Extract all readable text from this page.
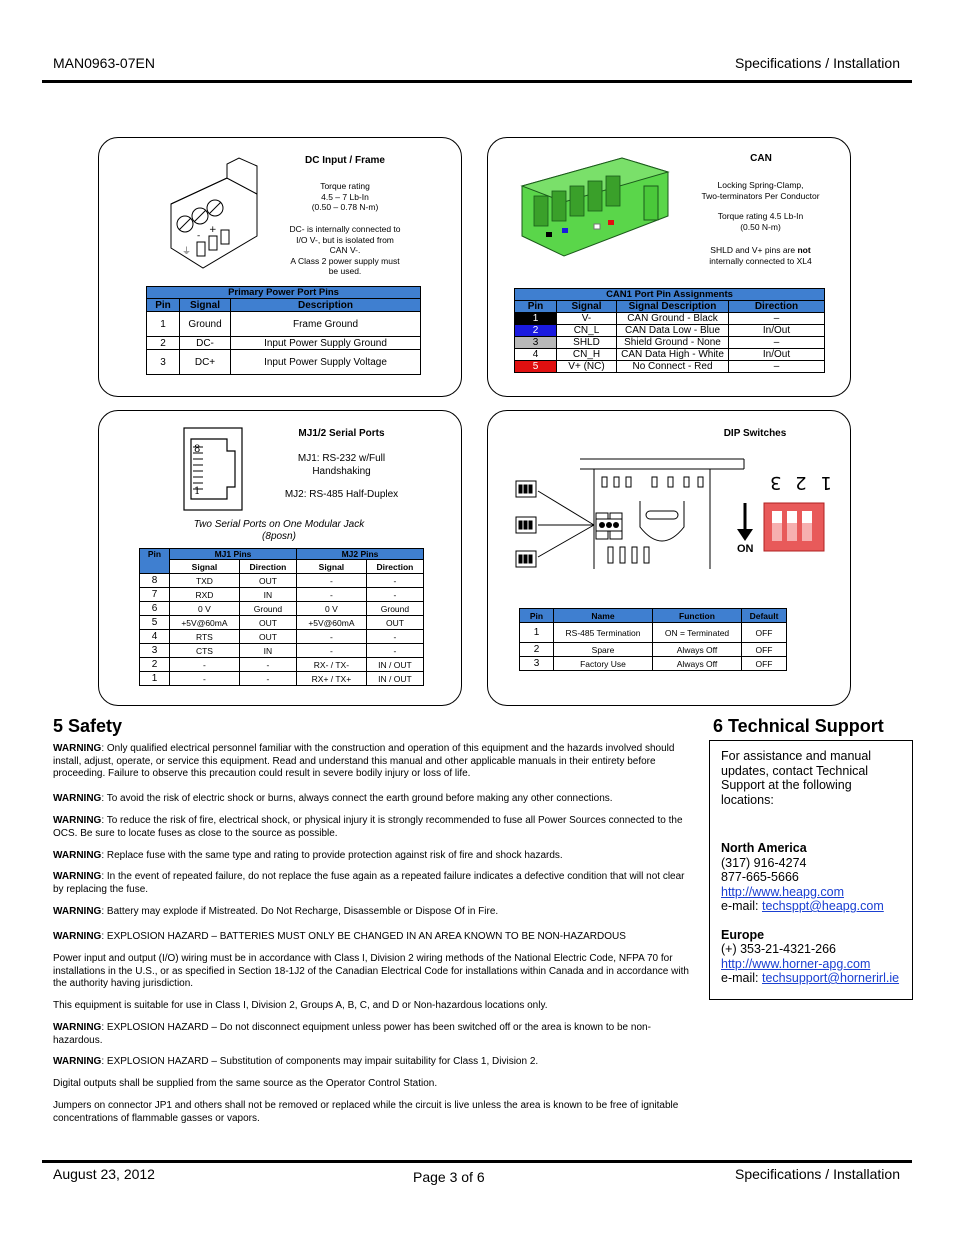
MAN0963-07EN	Specifications / Installation
⏚
-
+
DC Input / Frame
Torque rating
4.5 – 7 Lb-In
(0.50 – 0.78 N-m)
DC- is internally connected to
I/O V-, but is isolated from
CAN V-.
A Class 2 power supply must
be used.
Primary Power Port Pins		
Pin	Signal	Description
1	Ground	Frame Ground
2	DC-	Input Power Supply Ground
3	DC+	Input Power Supply Voltage
CAN
Locking Spring-Clamp,
Two-terminators Per Conductor
Torque rating 4.5 Lb-In
(0.50 N-m)
SHLD and V+ pins are not
internally connected to XL4
CAN1 Port Pin Assignments			
Pin	Signal	Signal Description	Direction
1	V-	CAN Ground - Black	–
2	CN_L	CAN Data Low - Blue	In/Out
3	SHLD	Shield Ground - None	–
4	CN_H	CAN Data High - White	In/Out
5	V+ (NC)	No Connect - Red	–
8
1
MJ1/2 Serial Ports
MJ1: RS-232 w/Full
Handshaking
MJ2: RS-485 Half-Duplex
Two Serial Ports on One Modular Jack
(8posn)
Pin	MJ1 Pins		MJ2 Pins	
	Signal	Direction	Signal	Direction
8	TXD	OUT	-	-
7	RXD	IN	-	-
6	0 V	Ground	0 V	Ground
5	+5V@60mA	OUT	+5V@60mA	OUT
4	RTS	OUT	-	-
3	CTS	IN	-	-
2	-	-	RX- / TX-	IN / OUT
1	-	-	RX+ / TX+	IN / OUT
DIP Switches
1 2 3
ON
Pin	Name	Function	Default
1	RS-485 Termination	ON = Terminated	OFF
2	Spare	Always Off	OFF
3	Factory Use	Always Off	OFF
5 Safety
WARNING: Only qualified electrical personnel familiar with the construction and operation of this equipment and the hazards involved should install, adjust, operate, or service this equipment. Read and understand this manual and other applicable manuals in their entirety before proceeding. Failure to observe this precaution could result in severe bodily injury or loss of life.
WARNING: To avoid the risk of electric shock or burns, always connect the earth ground before making any other connections.
WARNING: To reduce the risk of fire, electrical shock, or physical injury it is strongly recommended to fuse all Power Sources connected to the OCS. Be sure to locate fuses as close to the source as possible.
WARNING: Replace fuse with the same type and rating to provide protection against risk of fire and shock hazards.
WARNING: In the event of repeated failure, do not replace the fuse again as a repeated failure indicates a defective condition that will not clear by replacing the fuse.
WARNING: Battery may explode if Mistreated. Do Not Recharge, Disassemble or Dispose Of in Fire.
WARNING: EXPLOSION HAZARD – BATTERIES MUST ONLY BE CHANGED IN AN AREA KNOWN TO BE NON-HAZARDOUS
Power input and output (I/O) wiring must be in accordance with Class I, Division 2 wiring methods of the National Electric Code, NFPA 70 for installations in the U.S., or as specified in Section 18-1J2 of the Canadian Electrical Code for installations within Canada and in accordance with the authority having jurisdiction.
This equipment is suitable for use in Class I, Division 2, Groups A, B, C, and D or Non-hazardous locations only.
WARNING: EXPLOSION HAZARD – Do not disconnect equipment unless power has been switched off or the area is known to be non-hazardous.
WARNING: EXPLOSION HAZARD – Substitution of components may impair suitability for Class 1, Division 2.
Digital outputs shall be supplied from the same source as the Operator Control Station.
Jumpers on connector JP1 and others shall not be removed or replaced while the circuit is live unless the area is known to be free of ignitable concentrations of flammable gasses or vapors.
6 Technical Support
For assistance and manual updates, contact Technical Support at the following locations:
North America
(317) 916-4274
877-665-5666
http://www.heapg.com
e-mail: techsppt@heapg.com
Europe
(+) 353-21-4321-266
http://www.horner-apg.com
e-mail: techsupport@hornerirl.ie
August 23, 2012	Page 3 of 6	Specifications / Installation
